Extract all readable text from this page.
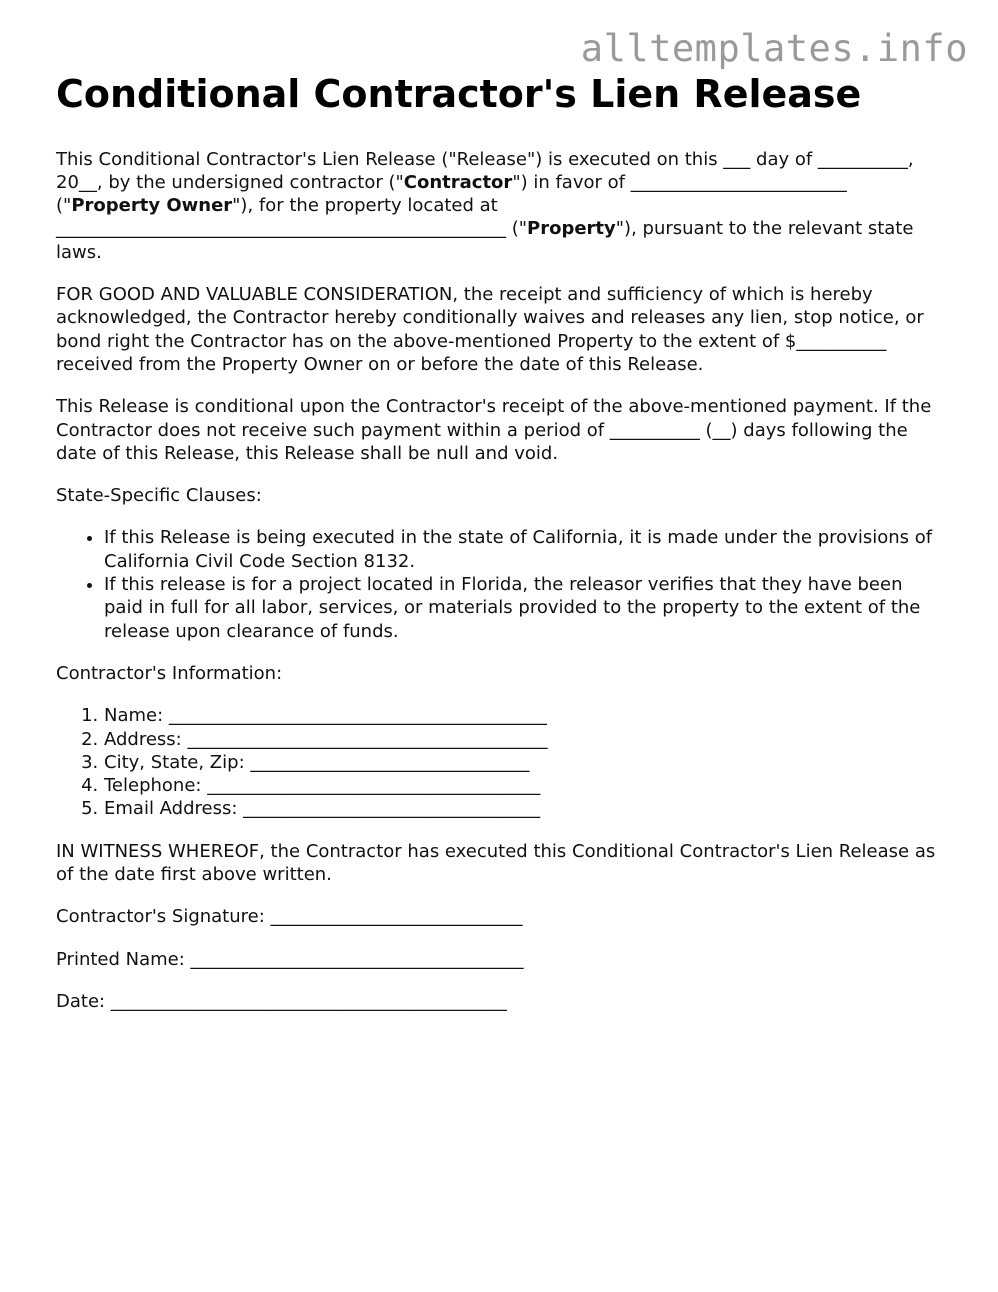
alltemplates.info
Conditional Contractor's Lien Release

This Conditional Contractor's Lien Release ("Release") is executed on this ___ day of __________, 20__, by the undersigned contractor ("Contractor") in favor of ________________________ ("Property Owner"), for the property located at __________________________________________________ ("Property"), pursuant to the relevant state laws.

FOR GOOD AND VALUABLE CONSIDERATION, the receipt and sufficiency of which is hereby acknowledged, the Contractor hereby conditionally waives and releases any lien, stop notice, or bond right the Contractor has on the above-mentioned Property to the extent of $__________ received from the Property Owner on or before the date of this Release.

This Release is conditional upon the Contractor's receipt of the above-mentioned payment. If the Contractor does not receive such payment within a period of __________ (__) days following the date of this Release, this Release shall be null and void.

State-Specific Clauses:

• If this Release is being executed in the state of California, it is made under the provisions of California Civil Code Section 8132.
• If this release is for a project located in Florida, the releasor verifies that they have been paid in full for all labor, services, or materials provided to the property to the extent of the release upon clearance of funds.

Contractor's Information:

1. Name: __________________________________________
2. Address: ________________________________________
3. City, State, Zip: _______________________________
4. Telephone: _____________________________________
5. Email Address: _________________________________

IN WITNESS WHEREOF, the Contractor has executed this Conditional Contractor's Lien Release as of the date first above written.

Contractor's Signature: ____________________________

Printed Name: _____________________________________

Date: ____________________________________________
